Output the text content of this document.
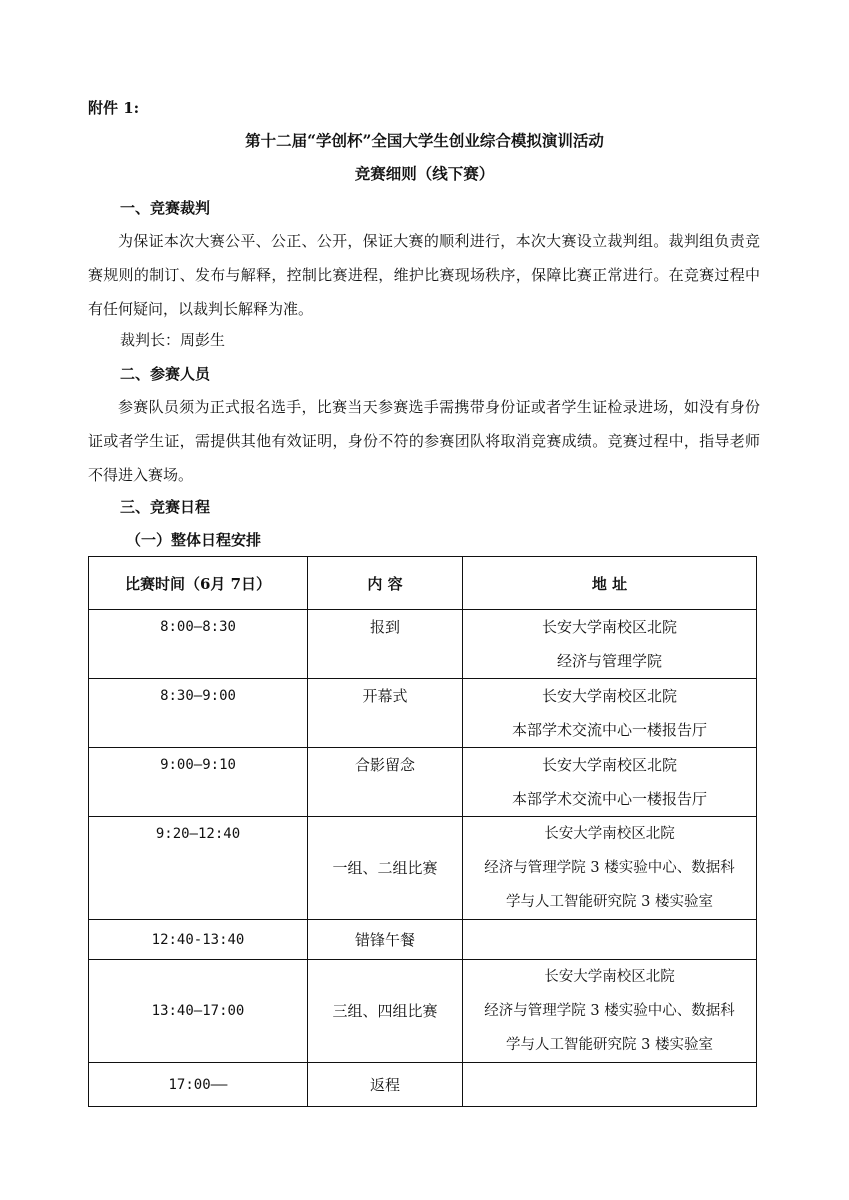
附件 1:
第十二届“学创杯”全国大学生创业综合模拟演训活动
竞赛细则（线下赛）
一、竞赛裁判
为保证本次大赛公平、公正、公开，保证大赛的顺利进行，本次大赛设立裁判组。裁判组负责竞赛规则的制订、发布与解释，控制比赛进程，维护比赛现场秩序，保障比赛正常进行。在竞赛过程中有任何疑问，以裁判长解释为准。
裁判长：周彭生
二、参赛人员
参赛队员须为正式报名选手，比赛当天参赛选手需携带身份证或者学生证检录进场，如没有身份证或者学生证，需提供其他有效证明，身份不符的参赛团队将取消竞赛成绩。竞赛过程中，指导老师不得进入赛场。
三、竞赛日程
（一）整体日程安排
比赛时间（6月 7日）	内 容	地 址

8:00—8:30	报到	长安大学南校区北院
经济与管理学院

8:30—9:00	开幕式	长安大学南校区北院
本部学术交流中心一楼报告厅

9:00—9:10	合影留念	长安大学南校区北院
本部学术交流中心一楼报告厅

9:20—12:40	一组、二组比赛	长安大学南校区北院
经济与管理学院 3 楼实验中心、数据科
学与人工智能研究院 3 楼实验室

12:40-13:40	错锋午餐	

13:40—17:00	三组、四组比赛	长安大学南校区北院
经济与管理学院 3 楼实验中心、数据科
学与人工智能研究院 3 楼实验室

17:00——	返程	
